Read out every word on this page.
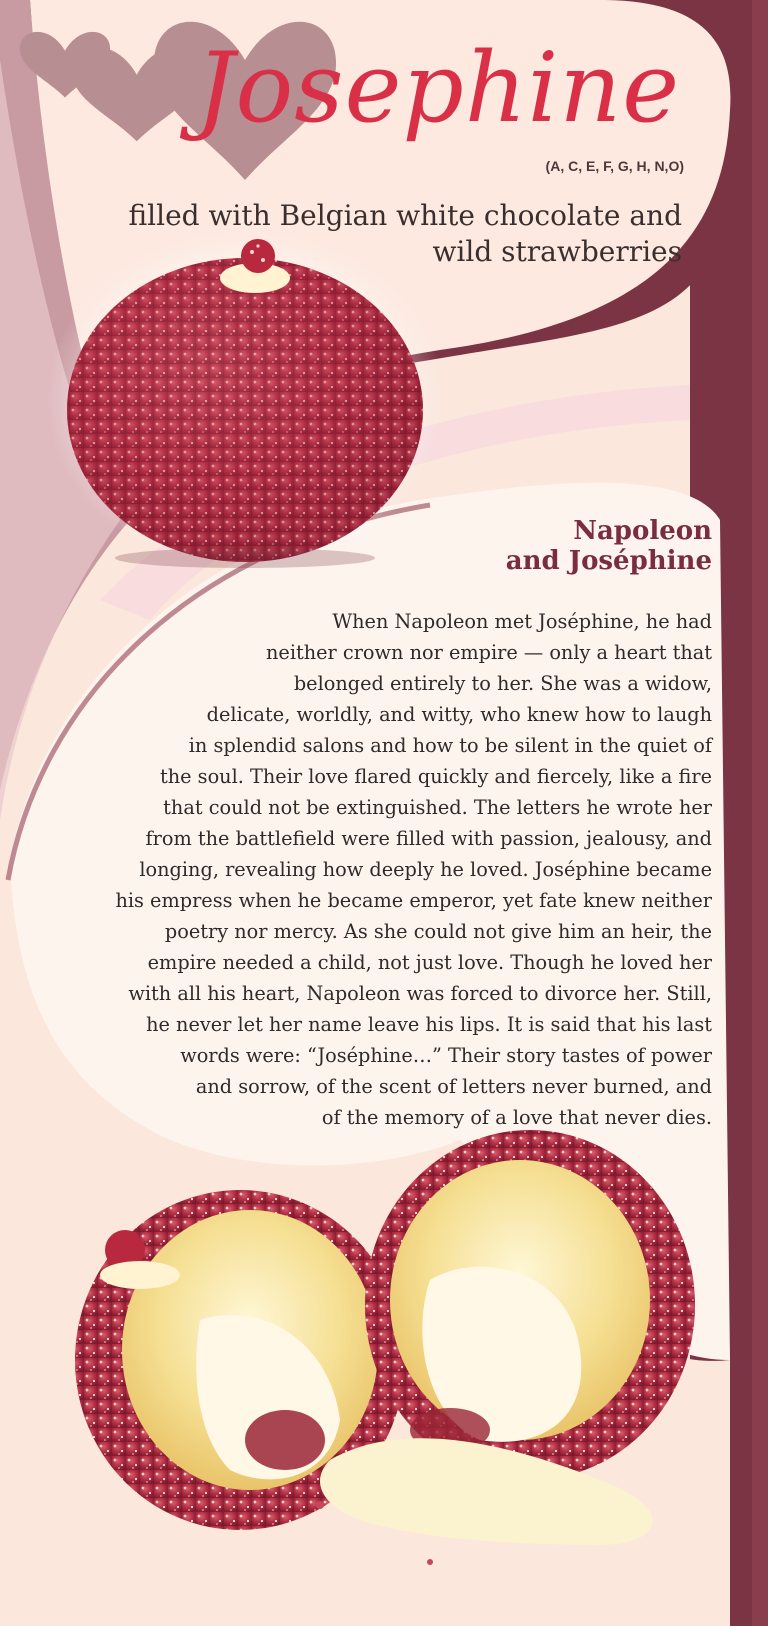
Josephine
(A, C, E, F, G, H, N,O)
filled with Belgian white chocolate and
wild strawberries
Napoleon
and Joséphine
When Napoleon met Joséphine, he had
neither crown nor empire — only a heart that
belonged entirely to her. She was a widow,
delicate, worldly, and witty, who knew how to laugh
in splendid salons and how to be silent in the quiet of
the soul. Their love flared quickly and fiercely, like a fire
that could not be extinguished. The letters he wrote her
from the battlefield were filled with passion, jealousy, and
longing, revealing how deeply he loved. Joséphine became
his empress when he became emperor, yet fate knew neither
poetry nor mercy. As she could not give him an heir, the
empire needed a child, not just love. Though he loved her
with all his heart, Napoleon was forced to divorce her. Still,
he never let her name leave his lips. It is said that his last
words were: “Joséphine…” Their story tastes of power
and sorrow, of the scent of letters never burned, and
of the memory of a love that never dies.
